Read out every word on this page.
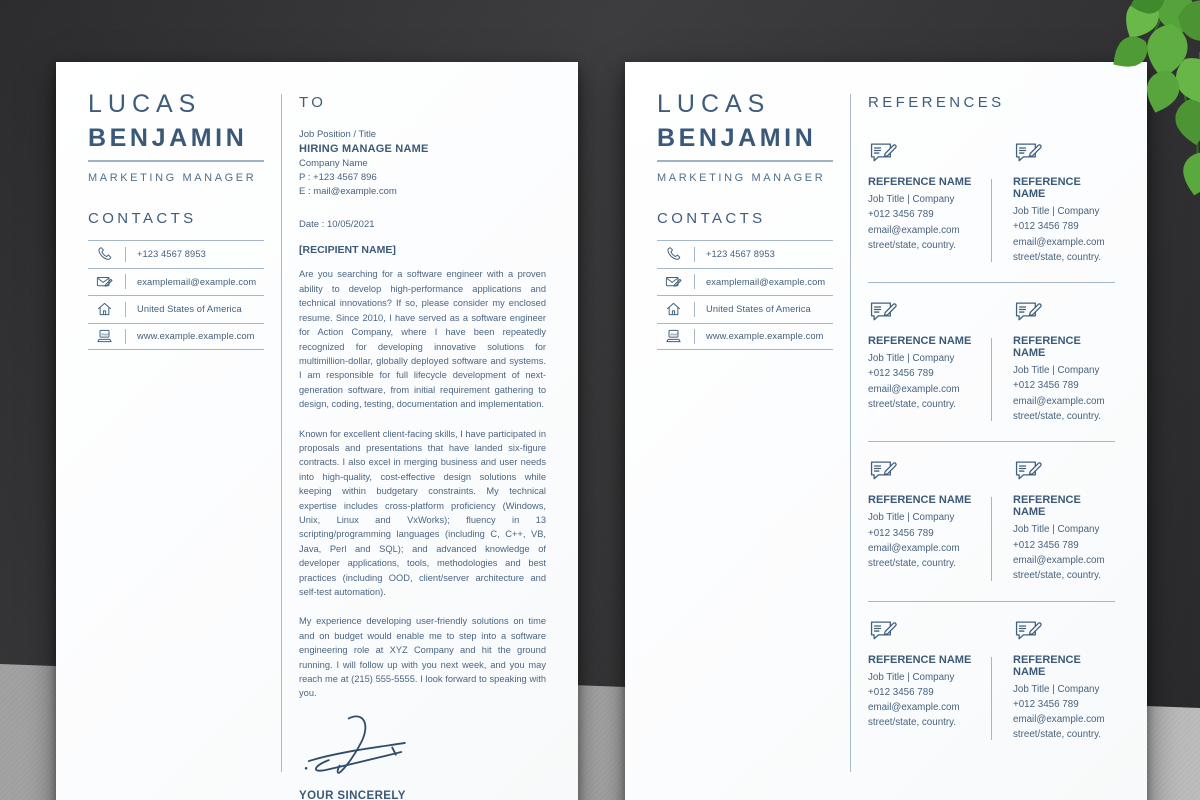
LUCAS
BENJAMIN
MARKETING MANAGER
CONTACTS
+123 4567 8953
examplemail@example.com
United States of America
www	www.example.example.com
TO
Job Position / Title
HIRING MANAGE NAME
Company Name
P : +123 4567 896
E : mail@example.com
Date : 10/05/2021
[RECIPIENT NAME]
Are you searching for a software engineer with a proven ability to develop high-performance applications and technical innovations? If so, please consider my enclosed resume. Since 2010, I have served as a software engineer for Action Company, where I have been repeatedly recognized for developing innovative solutions for multimillion-dollar, globally deployed software and systems. I am responsible for full lifecycle development of next-generation software, from initial requirement gathering to design, coding, testing, documentation and implementation.
Known for excellent client-facing skills, I have participated in proposals and presentations that have landed six-figure contracts. I also excel in merging business and user needs into high-quality, cost-effective design solutions while keeping within budgetary constraints. My technical expertise includes cross-platform proficiency (Windows, Unix, Linux and VxWorks); fluency in 13 scripting/programming languages (including C, C++, VB, Java, Perl and SQL); and advanced knowledge of developer applications, tools, methodologies and best practices (including OOD, client/server architecture and self-test automation).
My experience developing user-friendly solutions on time and on budget would enable me to step into a software engineering role at XYZ Company and hit the ground running. I will follow up with you next week, and you may reach me at (215) 555-5555. I look forward to speaking with you.
YOUR SINCERELY
LUCAS
BENJAMIN
MARKETING MANAGER
CONTACTS
+123 4567 8953
examplemail@example.com
United States of America
www	www.example.example.com
REFERENCES
REFERENCE NAME
Job Title | Company
+012 3456 789
email@example.com
street/state, country.
REFERENCE NAME
Job Title | Company
+012 3456 789
email@example.com
street/state, country.
REFERENCE NAME
Job Title | Company
+012 3456 789
email@example.com
street/state, country.
REFERENCE NAME
Job Title | Company
+012 3456 789
email@example.com
street/state, country.
REFERENCE NAME
Job Title | Company
+012 3456 789
email@example.com
street/state, country.
REFERENCE NAME
Job Title | Company
+012 3456 789
email@example.com
street/state, country.
REFERENCE NAME
Job Title | Company
+012 3456 789
email@example.com
street/state, country.
REFERENCE NAME
Job Title | Company
+012 3456 789
email@example.com
street/state, country.
